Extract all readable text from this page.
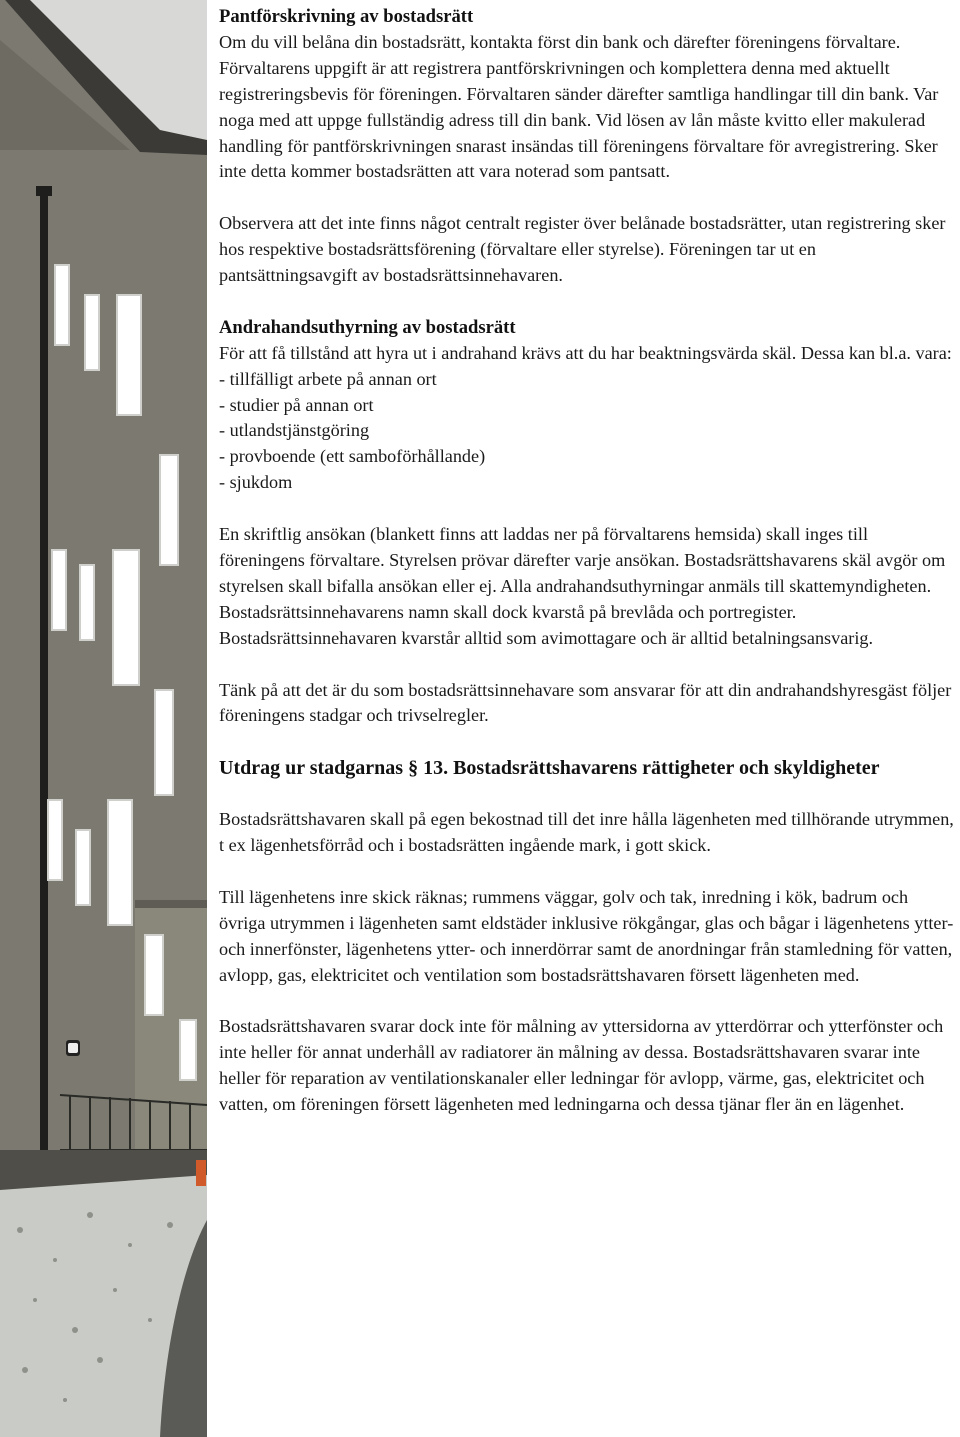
Pantförskrivning av bostadsrätt

Om du vill belåna din bostadsrätt, kontakta först din bank och därefter föreningens förvaltare. Förvaltarens uppgift är att registrera pantförskrivningen och komplettera denna med aktuellt registreringsbevis för föreningen. Förvaltaren sänder därefter samtliga handlingar till din bank. Var noga med att uppge fullständig adress till din bank. Vid lösen av lån måste kvitto eller makulerad handling för pantförskrivningen snarast insändas till föreningens förvaltare för avregistrering. Sker inte detta kommer bostadsrätten att vara noterad som pantsatt.

Observera att det inte finns något centralt register över belånade bostadsrätter, utan registrering sker hos respektive bostadsrättsförening (förvaltare eller styrelse). Föreningen tar ut en pantsättningsavgift av bostadsrättsinnehavaren.

Andrahandsuthyrning av bostadsrätt

För att få tillstånd att hyra ut i andrahand krävs att du har beaktningsvärda skäl. Dessa kan bl.a. vara:

- tillfälligt arbete på annan ort
- studier på annan ort
- utlandstjänstgöring
- provboende (ett samboförhållande)
- sjukdom

En skriftlig ansökan (blankett finns att laddas ner på förvaltarens hemsida) skall inges till föreningens förvaltare. Styrelsen prövar därefter varje ansökan. Bostadsrättshavarens skäl avgör om styrelsen skall bifalla ansökan eller ej. Alla andrahandsuthyrningar anmäls till skattemyndigheten. Bostadsrättsinnehavarens namn skall dock kvarstå på brevlåda och portregister. Bostadsrättsinnehavaren kvarstår alltid som avimottagare och är alltid betalningsansvarig.

Tänk på att det är du som bostadsrättsinnehavare som ansvarar för att din andrahandshyresgäst följer föreningens stadgar och trivselregler.

Utdrag ur stadgarnas § 13. Bostadsrättshavarens rättigheter och skyldigheter

Bostadsrättshavaren skall på egen bekostnad till det inre hålla lägenheten med tillhörande utrymmen, t ex lägenhetsförråd och i bostadsrätten ingående mark, i gott skick.

Till lägenhetens inre skick räknas; rummens väggar, golv och tak, inredning i kök, badrum och övriga utrymmen i lägenheten samt eldstäder inklusive rökgångar, glas och bågar i lägenhetens ytter- och innerfönster, lägenhetens ytter- och innerdörrar samt de anordningar från stamledning för vatten, avlopp, gas, elektricitet och ventilation som bostadsrättshavaren försett lägenheten med.

Bostadsrättshavaren svarar dock inte för målning av yttersidorna av ytterdörrar och ytterfönster och inte heller för annat underhåll av radiatorer än målning av dessa. Bostadsrättshavaren svarar inte heller för reparation av ventilationskanaler eller ledningar för avlopp, värme, gas, elektricitet och vatten, om föreningen försett lägenheten med ledningarna och dessa tjänar fler än en lägenhet.
